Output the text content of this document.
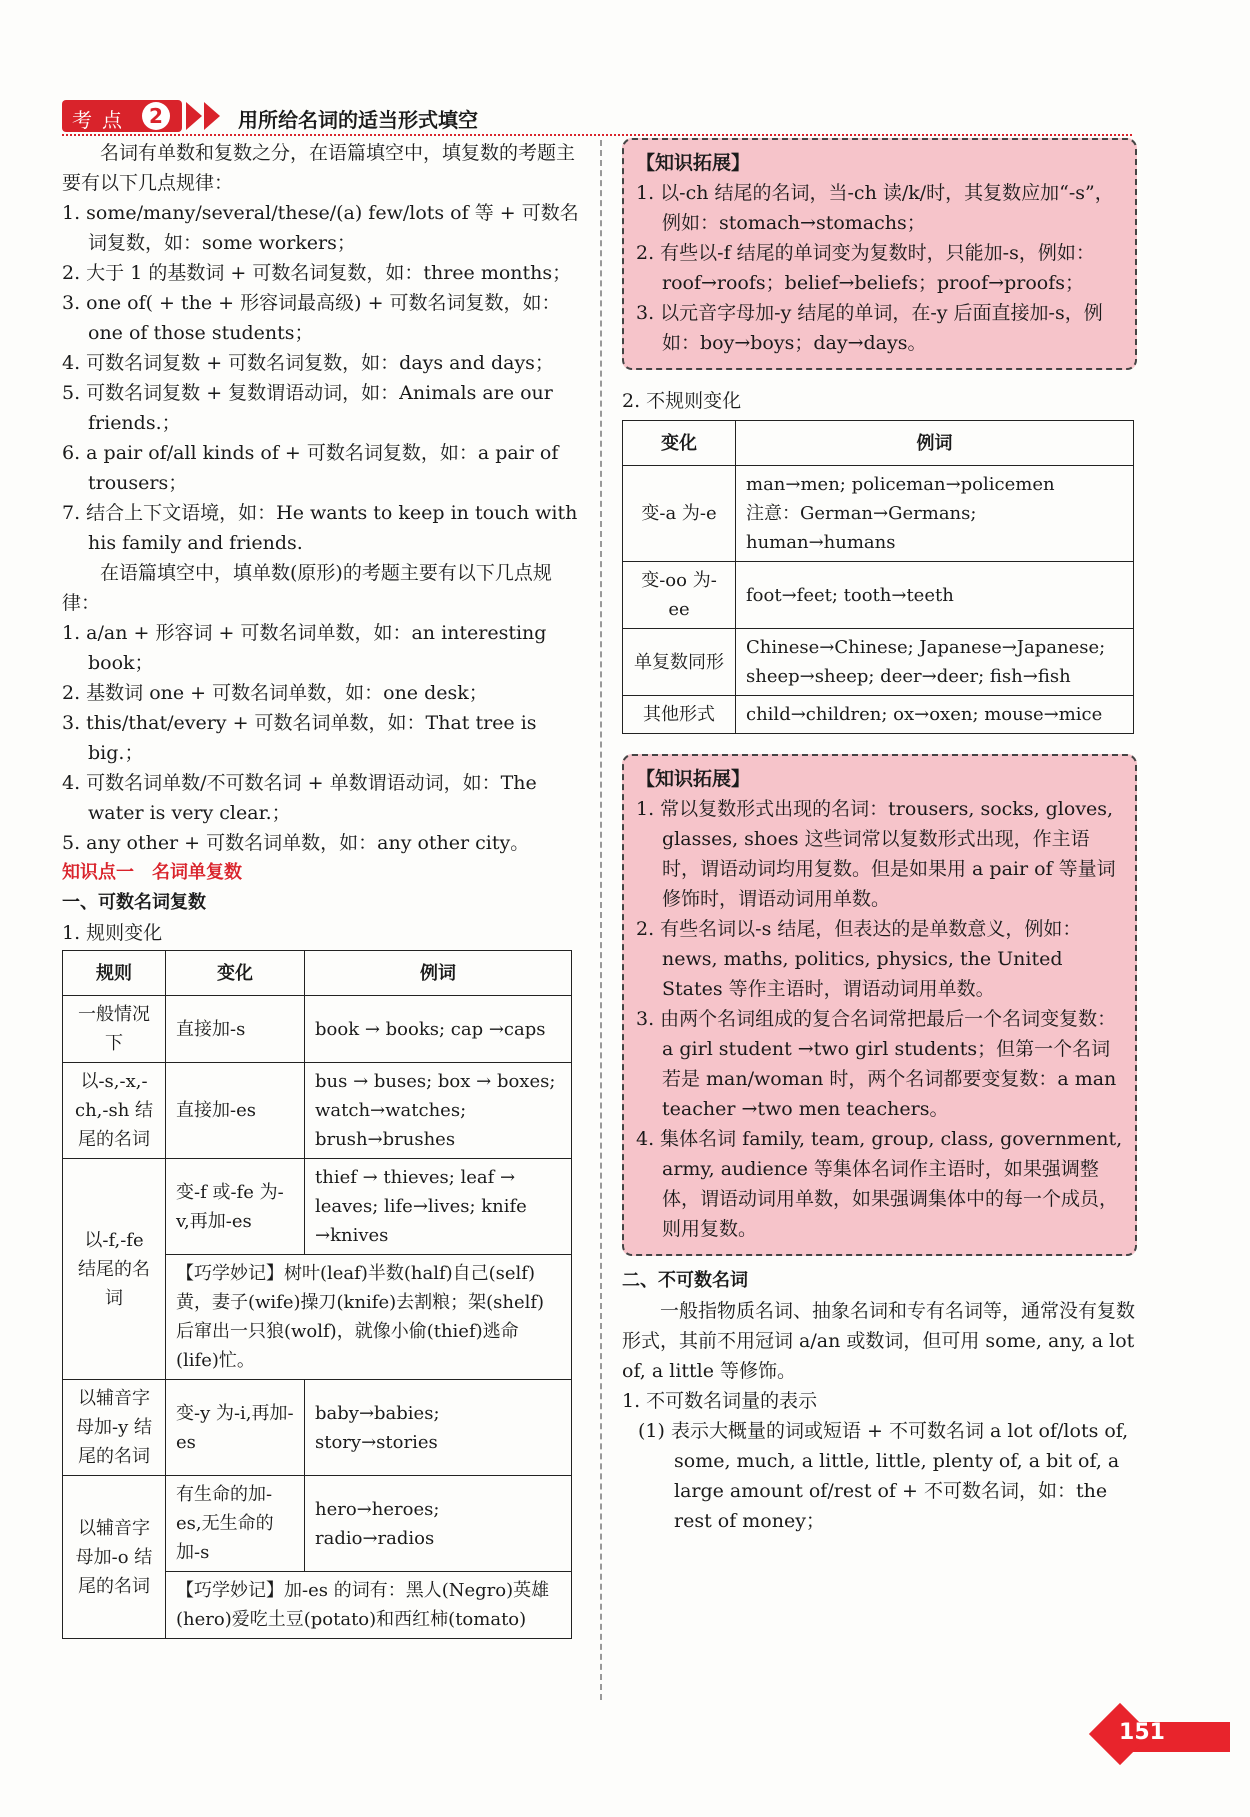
考点 2	用所给名词的适当形式填空

名词有单数和复数之分，在语篇填空中，填复数的考题主要有以下几点规律：

1. some/many/several/these/(a) few/lots of 等 + 可数名词复数，如：some workers；

2. 大于 1 的基数词 + 可数名词复数，如：three months；

3. one of( + the + 形容词最高级) + 可数名词复数，如：one of those students；

4. 可数名词复数 + 可数名词复数，如：days and days；

5. 可数名词复数 + 复数谓语动词，如：Animals are our friends.；

6. a pair of/all kinds of + 可数名词复数，如：a pair of trousers；

7. 结合上下文语境，如：He wants to keep in touch with his family and friends.

在语篇填空中，填单数(原形)的考题主要有以下几点规律：

1. a/an + 形容词 + 可数名词单数，如：an interesting book；

2. 基数词 one + 可数名词单数，如：one desk；

3. this/that/every + 可数名词单数，如：That tree is big.；

4. 可数名词单数/不可数名词 + 单数谓语动词，如：The water is very clear.；

5. any other + 可数名词单数，如：any other city。

知识点一　名词单复数

一、可数名词复数

1. 规则变化

规则	变化	例词
一般情况下	直接加-s	book → books; cap →caps
以-s,-x,-ch,-sh 结尾的名词	直接加-es	bus → buses; box → boxes; watch→watches; brush→brushes
以-f,-fe 结尾的名词	变-f 或-fe 为-v,再加-es	thief → thieves; leaf → leaves; life→lives; knife →knives
	【巧学妙记】树叶(leaf)半数(half)自己(self)黄，妻子(wife)操刀(knife)去割粮；架(shelf)后窜出一只狼(wolf)，就像小偷(thief)逃命(life)忙。	
以辅音字母加-y 结尾的名词	变-y 为-i,再加-es	baby→babies; story→stories
以辅音字母加-o 结尾的名词	有生命的加-es,无生命的加-s	hero→heroes; radio→radios
	【巧学妙记】加-es 的词有：黑人(Negro)英雄(hero)爱吃土豆(potato)和西红柿(tomato)	
【知识拓展】

1. 以-ch 结尾的名词，当-ch 读/k/时，其复数应加“-s”，例如：stomach→stomachs；

2. 有些以-f 结尾的单词变为复数时，只能加-s，例如：roof→roofs；belief→beliefs；proof→proofs；

3. 以元音字母加-y 结尾的单词，在-y 后面直接加-s，例如：boy→boys；day→days。

2. 不规则变化

变化	例词
变-a 为-e	man→men; policeman→policemen
注意：German→Germans; human→humans

变-oo 为-ee	foot→feet; tooth→teeth
单复数同形	Chinese→Chinese; Japanese→Japanese; sheep→sheep; deer→deer; fish→fish
其他形式	child→children; ox→oxen; mouse→mice
【知识拓展】

1. 常以复数形式出现的名词：trousers, socks, gloves, glasses, shoes 这些词常以复数形式出现，作主语时，谓语动词均用复数。但是如果用 a pair of 等量词修饰时，谓语动词用单数。

2. 有些名词以-s 结尾，但表达的是单数意义，例如：news, maths, politics, physics, the United States 等作主语时，谓语动词用单数。

3. 由两个名词组成的复合名词常把最后一个名词变复数：a girl student →two girl students；但第一个名词若是 man/woman 时，两个名词都要变复数：a man teacher →two men teachers。

4. 集体名词 family, team, group, class, government, army, audience 等集体名词作主语时，如果强调整体，谓语动词用单数，如果强调集体中的每一个成员，则用复数。

二、不可数名词

一般指物质名词、抽象名词和专有名词等，通常没有复数形式，其前不用冠词 a/an 或数词，但可用 some, any, a lot of, a little 等修饰。

1. 不可数名词量的表示

(1) 表示大概量的词或短语 + 不可数名词 a lot of/lots of, some, much, a little, little, plenty of, a bit of, a large amount of/rest of + 不可数名词，如：the rest of money；

151
